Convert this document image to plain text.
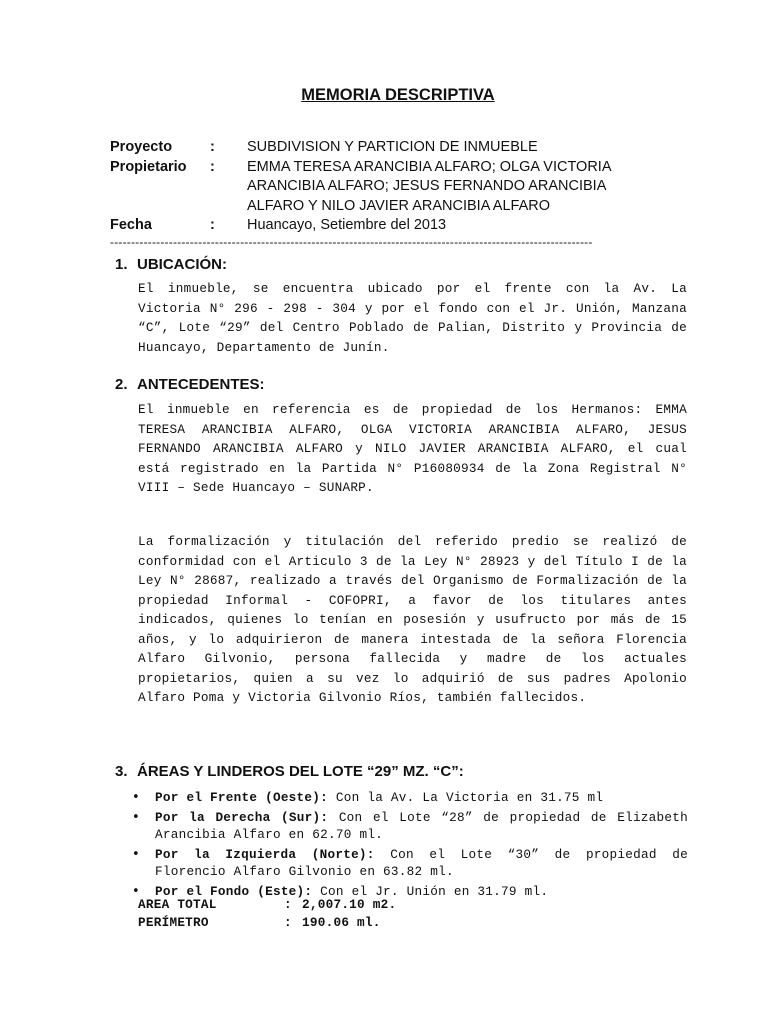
MEMORIA DESCRIPTIVA
Proyecto	:	SUBDIVISION Y PARTICION DE INMUEBLE
Propietario	:	EMMA TERESA ARANCIBIA ALFARO; OLGA VICTORIA
ARANCIBIA ALFARO; JESUS FERNANDO ARANCIBIA
ALFARO Y NILO JAVIER ARANCIBIA ALFARO
Fecha	:	Huancayo, Setiembre del 2013
-------------------------------------------------------------------------------------------------------------------
1. UBICACIÓN:

El inmueble, se encuentra ubicado por el frente con la Av. La Victoria N° 296 - 298 - 304 y por el fondo con el Jr. Unión, Manzana “C”, Lote “29” del Centro Poblado de Palian, Distrito y Provincia de Huancayo, Departamento de Junín.

2. ANTECEDENTES:

El inmueble en referencia es de propiedad de los Hermanos: EMMA TERESA ARANCIBIA ALFARO, OLGA VICTORIA ARANCIBIA ALFARO, JESUS FERNANDO ARANCIBIA ALFARO y NILO JAVIER ARANCIBIA ALFARO, el cual está registrado en la Partida N° P16080934 de la Zona Registral N° VIII – Sede Huancayo – SUNARP.

La formalización y titulación del referido predio se realizó de conformidad con el Articulo 3 de la Ley N° 28923 y del Título I de la Ley N° 28687, realizado a través del Organismo de Formalización de la propiedad Informal - COFOPRI, a favor de los titulares antes indicados, quienes lo tenían en posesión y usufructo por más de 15 años, y lo adquirieron de manera intestada de la señora Florencia Alfaro Gilvonio, persona fallecida y madre de los actuales propietarios, quien a su vez lo adquirió de sus padres Apolonio Alfaro Poma y Victoria Gilvonio Ríos, también fallecidos.

3. ÁREAS Y LINDEROS DEL LOTE “29” MZ. “C”:
• Por el Frente (Oeste): Con la Av. La Victoria en 31.75 ml
• Por la Derecha (Sur): Con el Lote “28” de propiedad de Elizabeth Arancibia Alfaro en 62.70 ml.
• Por la Izquierda (Norte): Con el Lote “30” de propiedad de Florencio Alfaro Gilvonio en 63.82 ml.
• Por el Fondo (Este): Con el Jr. Unión en 31.79 ml.
AREA TOTAL	: 2,007.10 m2.
PERÍMETRO	: 190.06 ml.
